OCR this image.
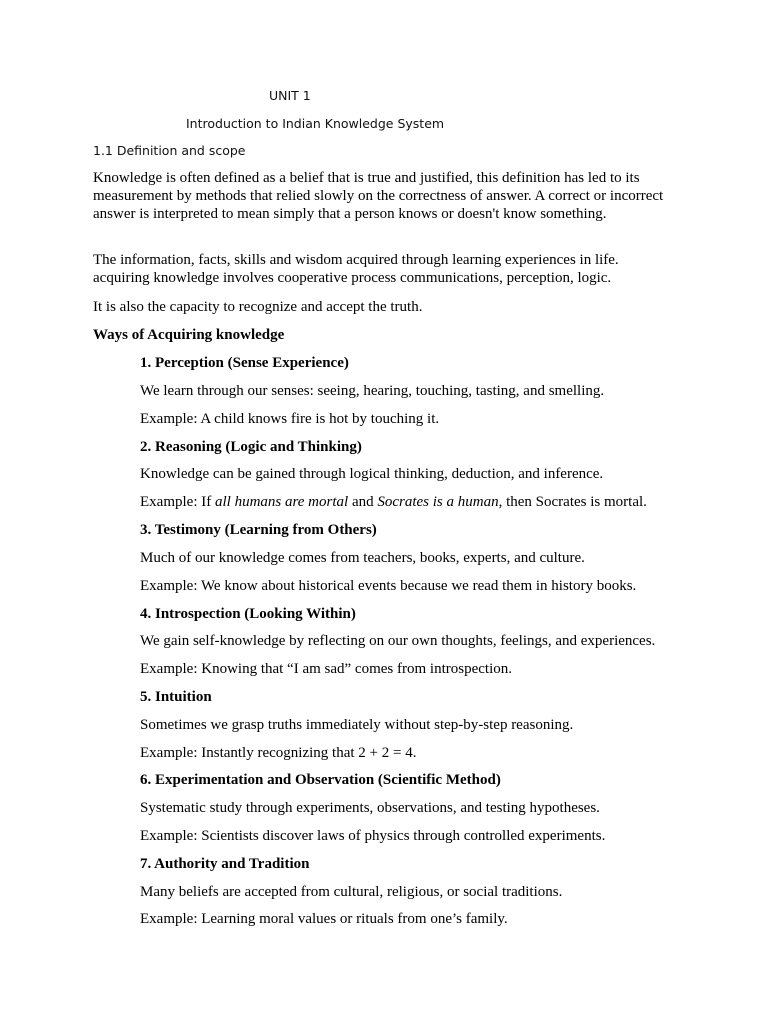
UNIT 1
Introduction to Indian Knowledge System
1.1 Definition and scope

Knowledge is often defined as a belief that is true and justified, this definition has led to its measurement by methods that relied slowly on the correctness of answer. A correct or incorrect answer is interpreted to mean simply that a person knows or doesn't know something.

The information, facts, skills and wisdom acquired through learning experiences in life. acquiring knowledge involves cooperative process communications, perception, logic.

It is also the capacity to recognize and accept the truth.

Ways of Acquiring knowledge

1. Perception (Sense Experience)

We learn through our senses: seeing, hearing, touching, tasting, and smelling.

Example: A child knows fire is hot by touching it.

2. Reasoning (Logic and Thinking)

Knowledge can be gained through logical thinking, deduction, and inference.

Example: If all humans are mortal and Socrates is a human, then Socrates is mortal.

3. Testimony (Learning from Others)

Much of our knowledge comes from teachers, books, experts, and culture.

Example: We know about historical events because we read them in history books.

4. Introspection (Looking Within)

We gain self-knowledge by reflecting on our own thoughts, feelings, and experiences.

Example: Knowing that “I am sad” comes from introspection.

5. Intuition

Sometimes we grasp truths immediately without step-by-step reasoning.

Example: Instantly recognizing that 2 + 2 = 4.

6. Experimentation and Observation (Scientific Method)

Systematic study through experiments, observations, and testing hypotheses.

Example: Scientists discover laws of physics through controlled experiments.

7. Authority and Tradition

Many beliefs are accepted from cultural, religious, or social traditions.

Example: Learning moral values or rituals from one’s family.
